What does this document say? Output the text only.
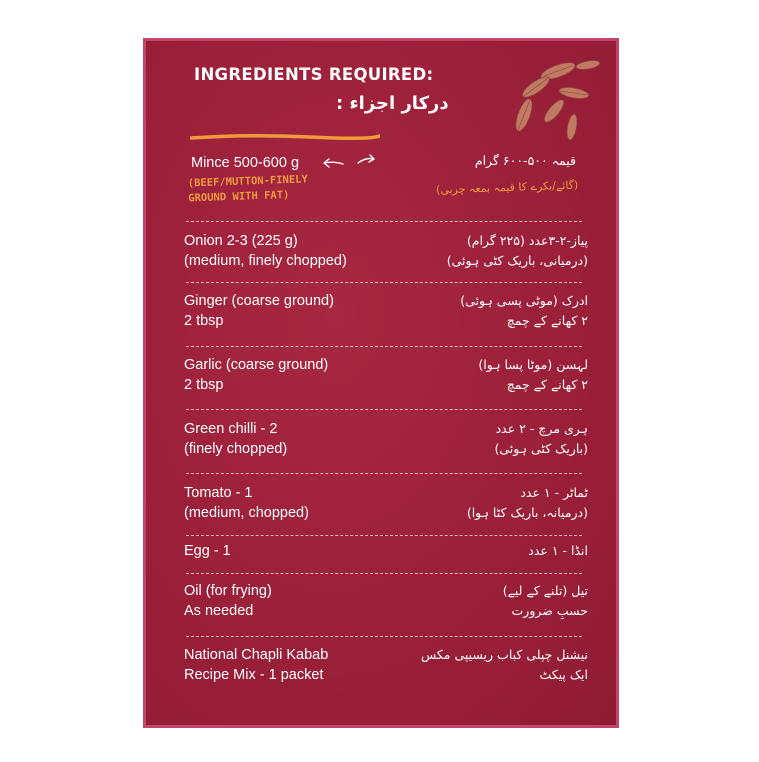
INGREDIENTS REQUIRED:
درکار اجزاء :
Mince 500-600 g	قیمہ ۵۰۰-۶۰۰ گرام
(BEEF/MUTTON-FINELY
GROUND WITH FAT)
(گائے/بکرے کا قیمہ بمعہ چربی)
Onion 2-3 (225 g)
(medium, finely chopped)
پیاز-۲-۳عدد (۲۲۵ گرام)
(درمیانی، باریک کٹی ہوئی)
Ginger (coarse ground)
2 tbsp
ادرک (موٹی پسی ہوئی)
۲ کھانے کے چمچ
Garlic (coarse ground)
2 tbsp
لہسن (موٹا پسا ہوا)
۲ کھانے کے چمچ
Green chilli - 2
(finely chopped)
ہری مرچ - ۲ عدد
(باریک کٹی ہوئی)
Tomato - 1
(medium, chopped)
ٹماٹر - ۱ عدد
(درمیانہ، باریک کٹا ہوا)
Egg - 1	انڈا - ۱ عدد
Oil (for frying)
As needed
تیل (تلنے کے لیے)
حسبِ ضرورت
National Chapli Kabab
Recipe Mix - 1 packet
نیشنل چپلی کباب ریسیپی مکس
ایک پیکٹ
